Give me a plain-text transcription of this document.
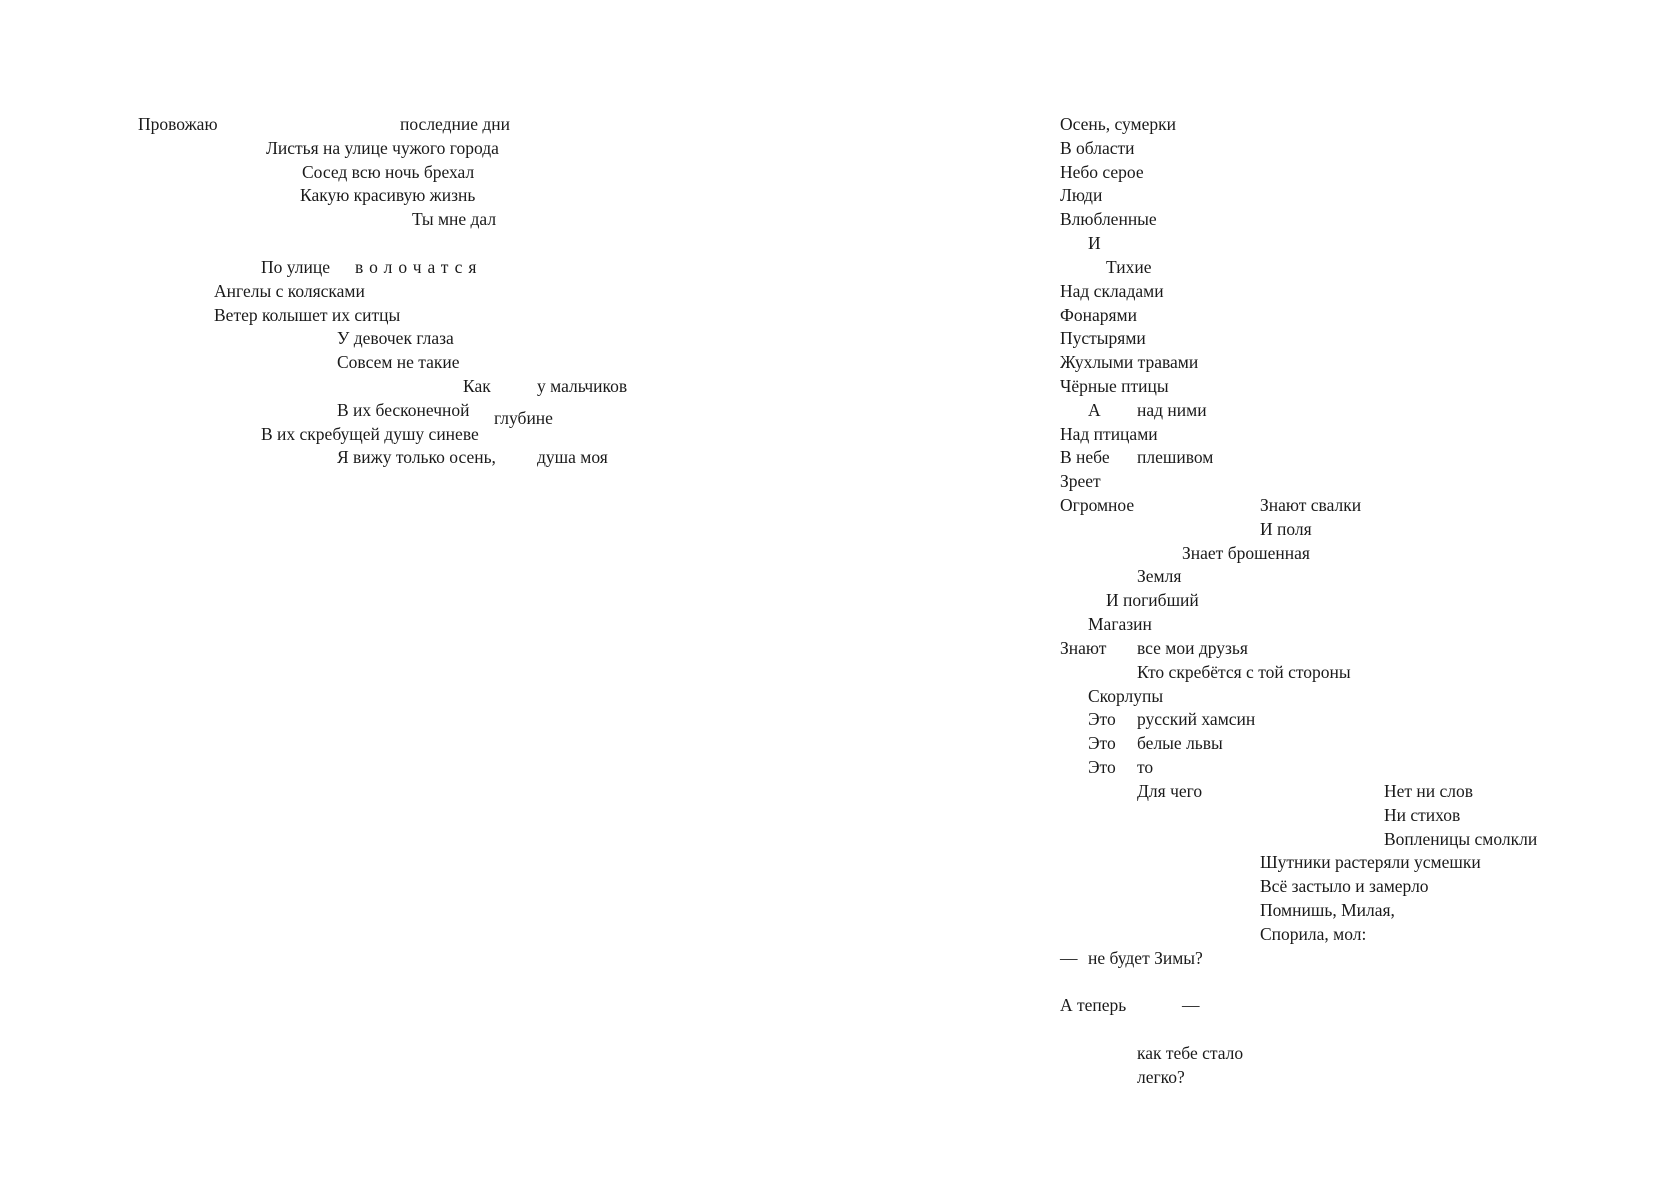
Провожаю	последние дни
Листья на улице чужого города
Сосед всю ночь брехал
Какую красивую жизнь
Ты мне дал
По улице волочатся
Ангелы с колясками
Ветер колышет их ситцы
У девочек глаза
Совсем не такие
Как	у мальчиков
В их бесконечной глубине
В их скребущей душу синеве
Я вижу только осень, душа моя
Осень, сумерки
В области
Небо серое
Люди
Влюбленные
И
Тихие
Над складами
Фонарями
Пустырями
Жухлыми травами
Чёрные птицы
А над ними
Над птицами
В небе плешивом
Зреет
Огромное	Знают свалки
И поля
Знает брошенная
Земля
И погибший
Магазин
Знают все мои друзья
Кто скребётся с той стороны
Скорлупы
Это русский хамсин
Это белые львы
Это то
Для чего	Нет ни слов
Ни стихов
Вопленицы смолкли
Шутники растеряли усмешки
Всё застыло и замерло
Помнишь, Милая,
Спорила, мол:
— не будет Зимы?
А теперь	—
как тебе стало
легко?
